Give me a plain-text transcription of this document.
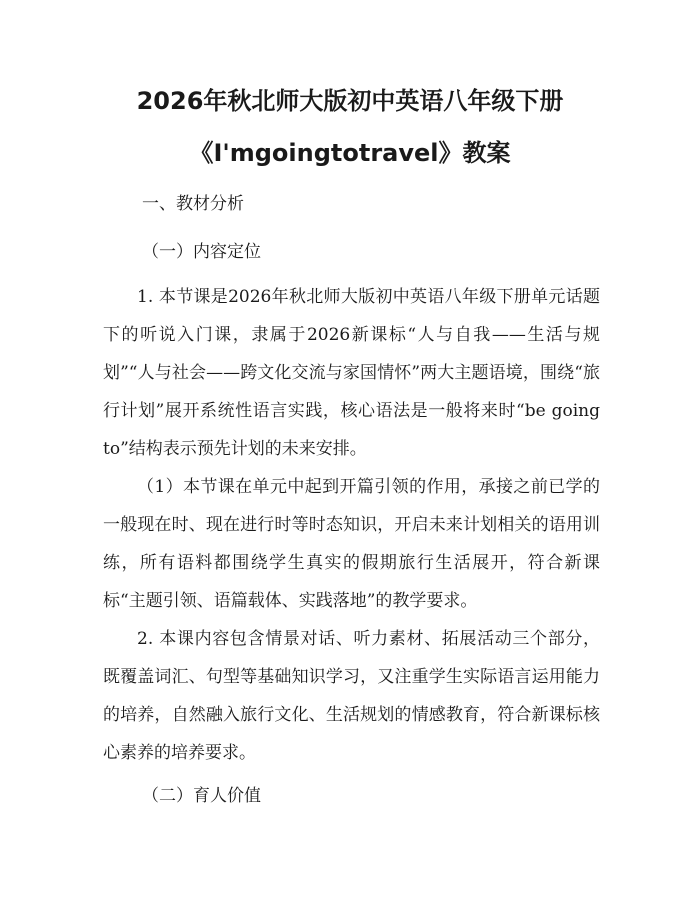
2026年秋北师大版初中英语八年级下册
《I'mgoingtotravel》教案
一、教材分析
（一）内容定位

1. 本节课是2026年秋北师大版初中英语八年级下册单元话题下的听说入门课，隶属于2026新课标“人与自我——生活与规划”“人与社会——跨文化交流与家国情怀”两大主题语境，围绕“旅行计划”展开系统性语言实践，核心语法是一般将来时“be going to”结构表示预先计划的未来安排。

（1）本节课在单元中起到开篇引领的作用，承接之前已学的一般现在时、现在进行时等时态知识，开启未来计划相关的语用训练，所有语料都围绕学生真实的假期旅行生活展开，符合新课标“主题引领、语篇载体、实践落地”的教学要求。

2. 本课内容包含情景对话、听力素材、拓展活动三个部分，既覆盖词汇、句型等基础知识学习，又注重学生实际语言运用能力的培养，自然融入旅行文化、生活规划的情感教育，符合新课标核心素养的培养要求。

（二）育人价值
